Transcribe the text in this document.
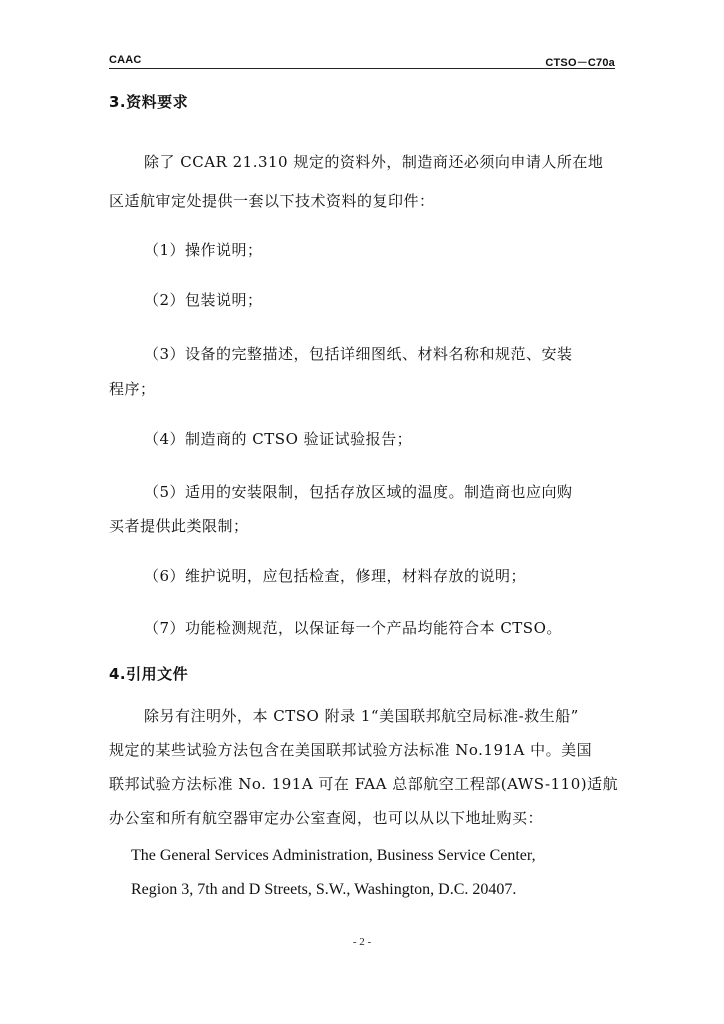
CAAC	CTSO－C70a
3.资料要求
除了 CCAR 21.310 规定的资料外，制造商还必须向申请人所在地
区适航审定处提供一套以下技术资料的复印件：
（1）操作说明；
（2）包装说明；
（3）设备的完整描述，包括详细图纸、材料名称和规范、安装
程序；
（4）制造商的 CTSO 验证试验报告；
（5）适用的安装限制，包括存放区域的温度。制造商也应向购
买者提供此类限制；
（6）维护说明，应包括检查，修理，材料存放的说明；
（7）功能检测规范，以保证每一个产品均能符合本 CTSO。
4.引用文件
除另有注明外，本 CTSO 附录 1“美国联邦航空局标准-救生船”
规定的某些试验方法包含在美国联邦试验方法标准 No.191A 中。美国
联邦试验方法标准 No. 191A 可在 FAA 总部航空工程部(AWS-110)适航
办公室和所有航空器审定办公室查阅，也可以从以下地址购买：
The General Services Administration, Business Service Center,
Region 3, 7th and D Streets, S.W., Washington, D.C. 20407.
- 2 -
